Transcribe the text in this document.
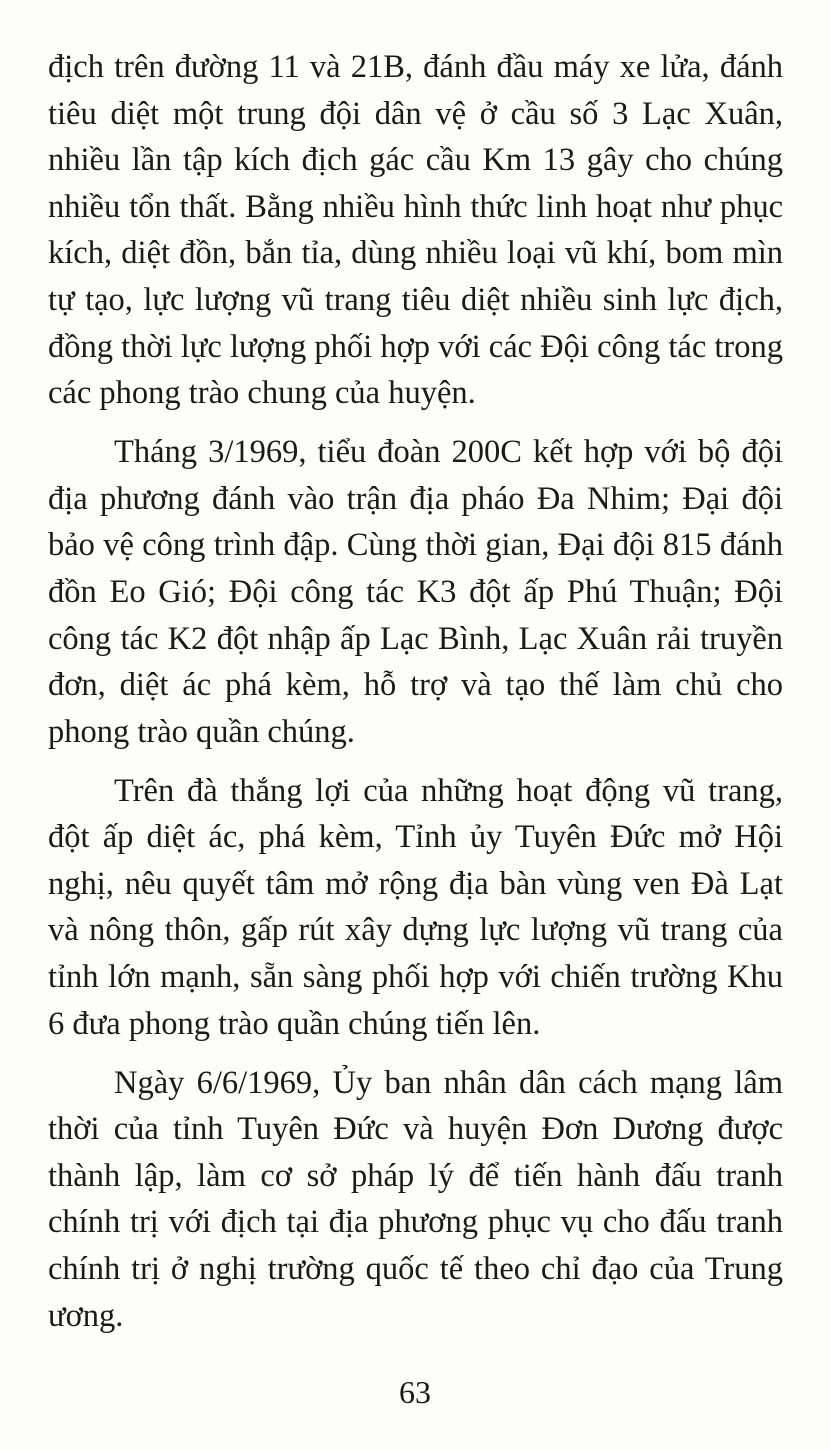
địch trên đường 11 và 21B, đánh đầu máy xe lửa, đánh tiêu diệt một trung đội dân vệ ở cầu số 3 Lạc Xuân, nhiều lần tập kích địch gác cầu Km 13 gây cho chúng nhiều tổn thất. Bằng nhiều hình thức linh hoạt như phục kích, diệt đồn, bắn tỉa, dùng nhiều loại vũ khí, bom mìn tự tạo, lực lượng vũ trang tiêu diệt nhiều sinh lực địch, đồng thời lực lượng phối hợp với các Đội công tác trong các phong trào chung của huyện.

Tháng 3/1969, tiểu đoàn 200C kết hợp với bộ đội địa phương đánh vào trận địa pháo Đa Nhim; Đại đội bảo vệ công trình đập. Cùng thời gian, Đại đội 815 đánh đồn Eo Gió; Đội công tác K3 đột ấp Phú Thuận; Đội công tác K2 đột nhập ấp Lạc Bình, Lạc Xuân rải truyền đơn, diệt ác phá kèm, hỗ trợ và tạo thế làm chủ cho phong trào quần chúng.

Trên đà thắng lợi của những hoạt động vũ trang, đột ấp diệt ác, phá kèm, Tỉnh ủy Tuyên Đức mở Hội nghị, nêu quyết tâm mở rộng địa bàn vùng ven Đà Lạt và nông thôn, gấp rút xây dựng lực lượng vũ trang của tỉnh lớn mạnh, sẵn sàng phối hợp với chiến trường Khu 6 đưa phong trào quần chúng tiến lên.

Ngày 6/6/1969, Ủy ban nhân dân cách mạng lâm thời của tỉnh Tuyên Đức và huyện Đơn Dương được thành lập, làm cơ sở pháp lý để tiến hành đấu tranh chính trị với địch tại địa phương phục vụ cho đấu tranh chính trị ở nghị trường quốc tế theo chỉ đạo của Trung ương.

63
